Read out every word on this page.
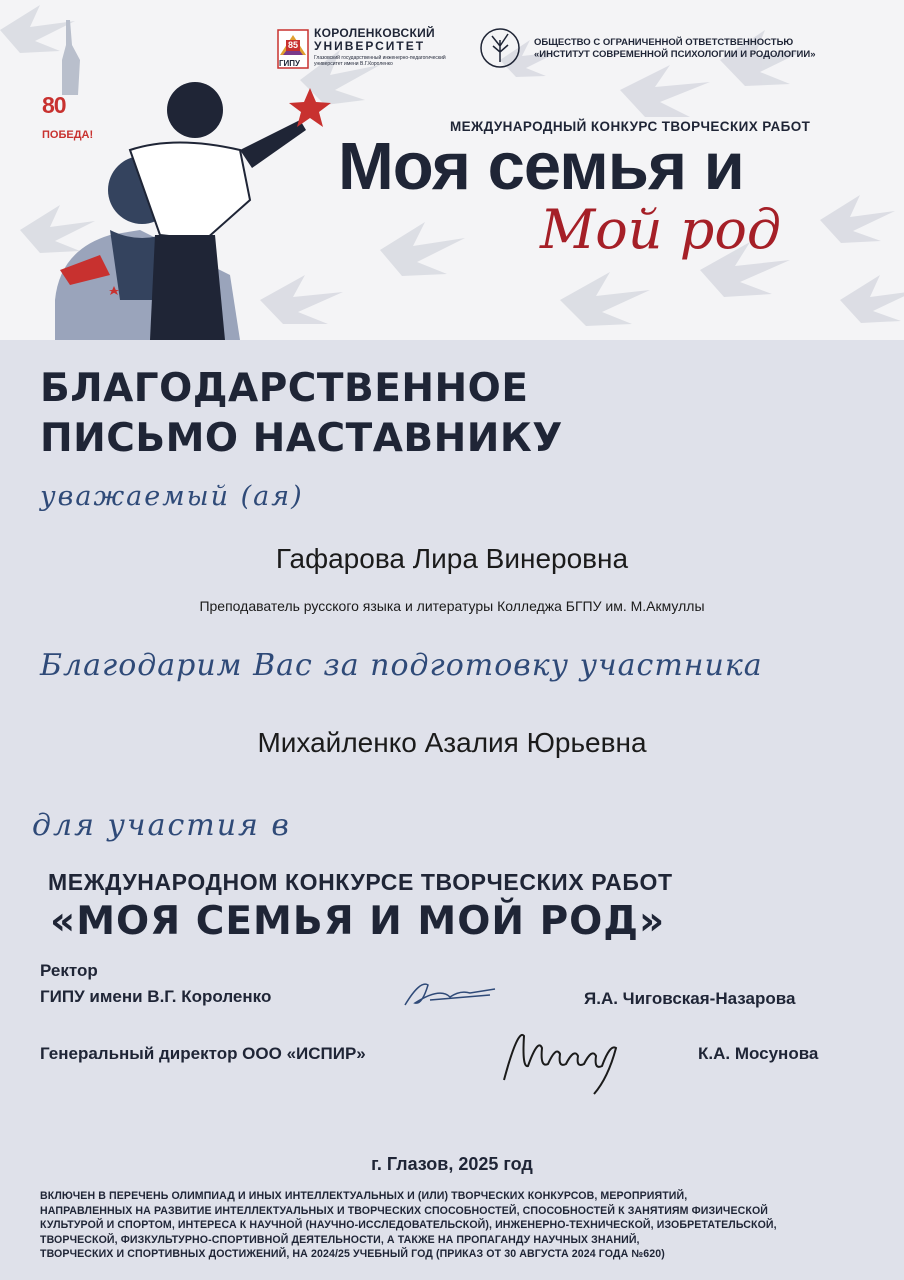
80
ПОБЕДА!
85
ГИПУ
КОРОЛЕНКОВСКИЙ
УНИВЕРСИТЕТ
Глазовский государственный инженерно-педагогический университет имени В.Г.Короленко
ОБЩЕСТВО С ОГРАНИЧЕННОЙ ОТВЕТСТВЕННОСТЬЮ
«ИНСТИТУТ СОВРЕМЕННОЙ ПСИХОЛОГИИ И РОДОЛОГИИ»
МЕЖДУНАРОДНЫЙ КОНКУРС ТВОРЧЕСКИХ РАБОТ
Моя семья и
Мой род
БЛАГОДАРСТВЕННОЕ
ПИСЬМО НАСТАВНИКУ
уважаемый (ая)
Гафарова Лира Винеровна
Преподаватель русского языка и литературы Колледжа БГПУ им. М.Акмуллы
Благодарим Вас за подготовку участника
Михайленко Азалия Юрьевна
для участия в
МЕЖДУНАРОДНОМ КОНКУРСЕ ТВОРЧЕСКИХ РАБОТ
«МОЯ СЕМЬЯ И МОЙ РОД»
Ректор
ГИПУ имени В.Г. Короленко	Я.А. Чиговская-Назарова
Генеральный директор ООО «ИСПИР»	К.А. Мосунова
г. Глазов, 2025 год
ВКЛЮЧЕН В ПЕРЕЧЕНЬ ОЛИМПИАД И ИНЫХ ИНТЕЛЛЕКТУАЛЬНЫХ И (ИЛИ) ТВОРЧЕСКИХ КОНКУРСОВ, МЕРОПРИЯТИЙ,
НАПРАВЛЕННЫХ НА РАЗВИТИЕ ИНТЕЛЛЕКТУАЛЬНЫХ И ТВОРЧЕСКИХ СПОСОБНОСТЕЙ, СПОСОБНОСТЕЙ К ЗАНЯТИЯМ ФИЗИЧЕСКОЙ
КУЛЬТУРОЙ И СПОРТОМ, ИНТЕРЕСА К НАУЧНОЙ (НАУЧНО-ИССЛЕДОВАТЕЛЬСКОЙ), ИНЖЕНЕРНО-ТЕХНИЧЕСКОЙ, ИЗОБРЕТАТЕЛЬСКОЙ,
ТВОРЧЕСКОЙ, ФИЗКУЛЬТУРНО-СПОРТИВНОЙ ДЕЯТЕЛЬНОСТИ, А ТАКЖЕ НА ПРОПАГАНДУ НАУЧНЫХ ЗНАНИЙ,
ТВОРЧЕСКИХ И СПОРТИВНЫХ ДОСТИЖЕНИЙ, НА 2024/25 УЧЕБНЫЙ ГОД (ПРИКАЗ ОТ 30 АВГУСТА 2024 ГОДА №620)
